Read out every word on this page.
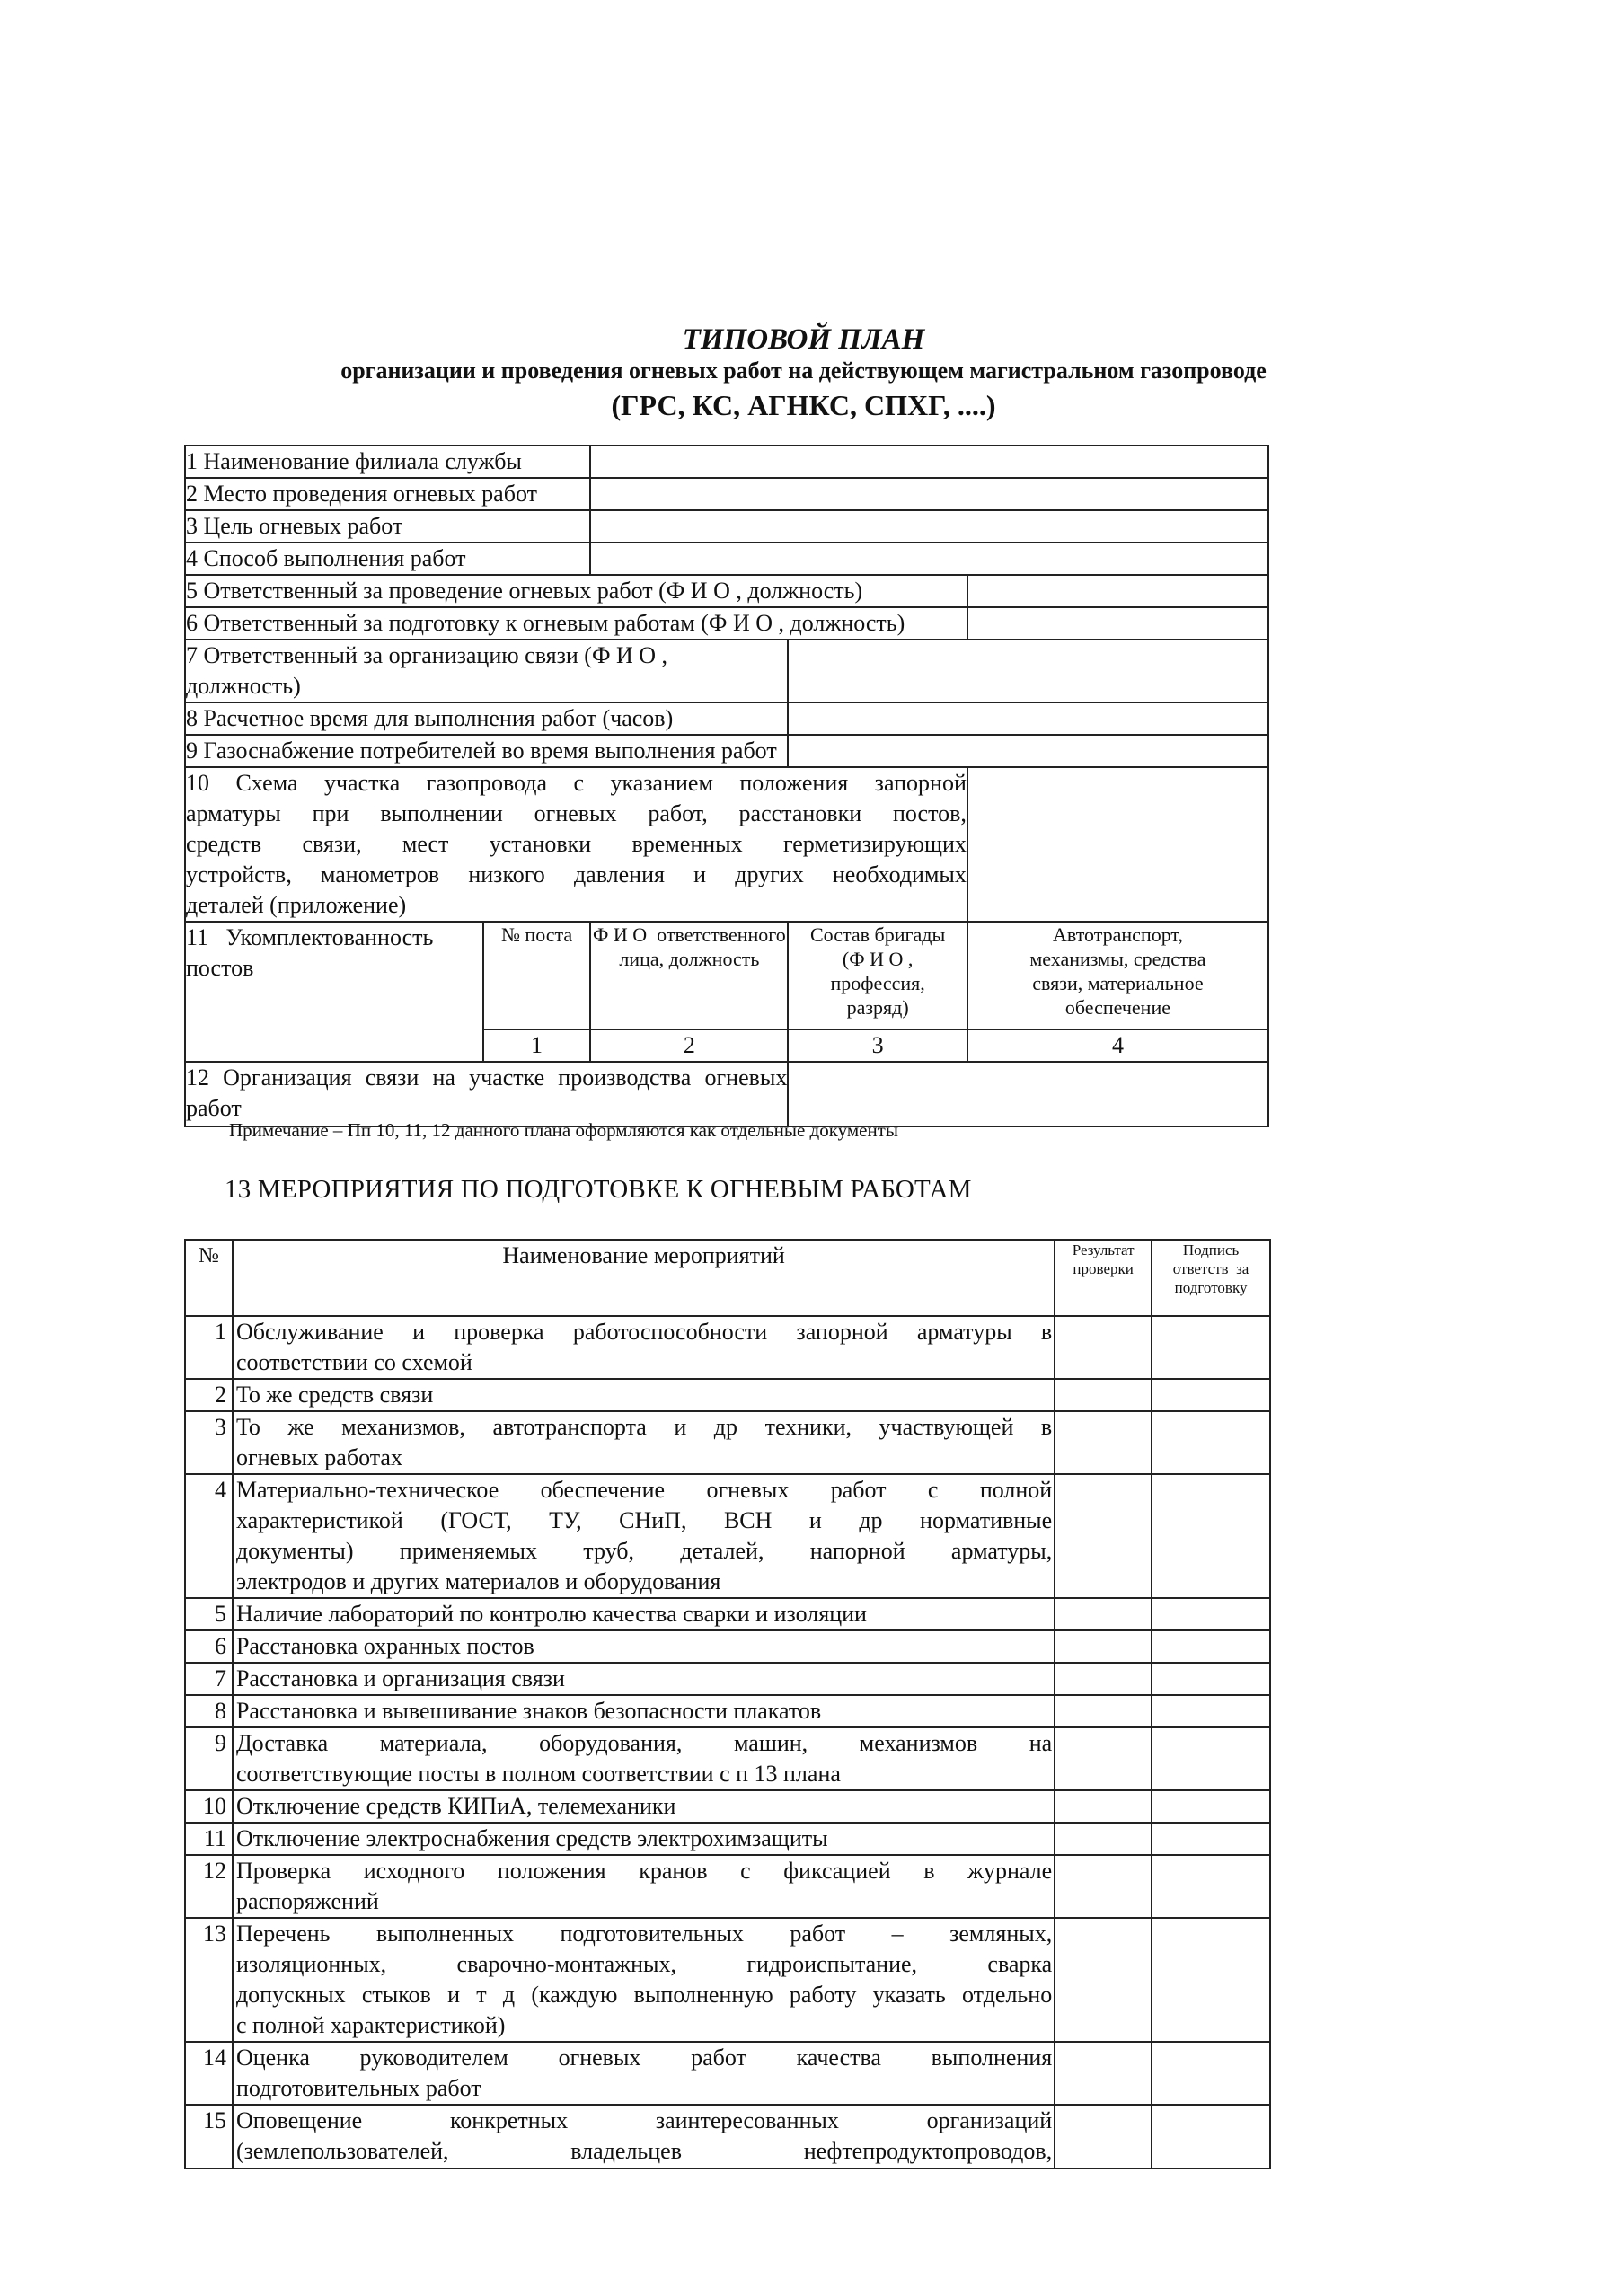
ТИПОВОЙ ПЛАН
организации и проведения огневых работ на действующем магистральном газопроводе
(ГРС, КС, АГНКС, СПХГ, ....)
1 Наименование филиала службы				
2 Место проведения огневых работ				
3 Цель огневых работ				
4 Способ выполнения работ				
5 Ответственный за проведение огневых работ (Ф И О , должность)				
6 Ответственный за подготовку к огневым работам (Ф И О , должность)				
7 Ответственный за организацию связи (Ф И О , должность)				
8 Расчетное время для выполнения работ (часов)				
9 Газоснабжение потребителей во время выполнения работ				

10 Схема участка газопровода с указанием положения запорной
арматуры при выполнении огневых работ, расстановки постов,
средств связи, мест установки временных герметизирующих
устройств, манометров низкого давления и других необходимых
деталей (приложение)				

11   Укомплектованность
постов	№ поста	Ф И О  ответственного
лица, должность	Состав бригады
(Ф И О ,
профессия,
разряд)	Автотранспорт,
механизмы, средства
связи, материальное
обеспечение

	1	2	3	4

12 Организация связи на участке производства огневых
работ				

Примечание – Пп 10, 11, 12 данного плана оформляются как отдельные документы
13 МЕРОПРИЯТИЯ ПО ПОДГОТОВКЕ К ОГНЕВЫМ РАБОТАМ
№	Наименование мероприятий	Результат
проверки	Подпись
ответств  за
подготовку

1	Обслуживание и проверка работоспособности запорной арматуры в
соответствии со схемой		

2	То же средств связи		

3	То же механизмов, автотранспорта и др техники, участвующей в
огневых работах		

4	Материально-техническое обеспечение огневых работ с полной
характеристикой (ГОСТ, ТУ, СНиП, ВСН и др нормативные
документы) применяемых труб, деталей, напорной арматуры,
электродов и других материалов и оборудования		

5	Наличие лабораторий по контролю качества сварки и изоляции		

6	Расстановка охранных постов		

7	Расстановка и организация связи		

8	Расстановка и вывешивание знаков безопасности плакатов		

9	Доставка материала, оборудования, машин, механизмов на
соответствующие посты в полном соответствии с п 13 плана		

10	Отключение средств КИПиА, телемеханики		

11	Отключение электроснабжения средств электрохимзащиты		

12	Проверка исходного положения кранов с фиксацией в журнале
распоряжений		

13	Перечень выполненных подготовительных работ – земляных,
изоляционных, сварочно-монтажных, гидроиспытание, сварка
допускных стыков и т д (каждую выполненную работу указать отдельно
с полной характеристикой)		

14	Оценка руководителем огневых работ качества выполнения
подготовительных работ		

15	Оповещение конкретных заинтересованных организаций
(землепользователей, владельцев нефтепродуктопроводов,		
